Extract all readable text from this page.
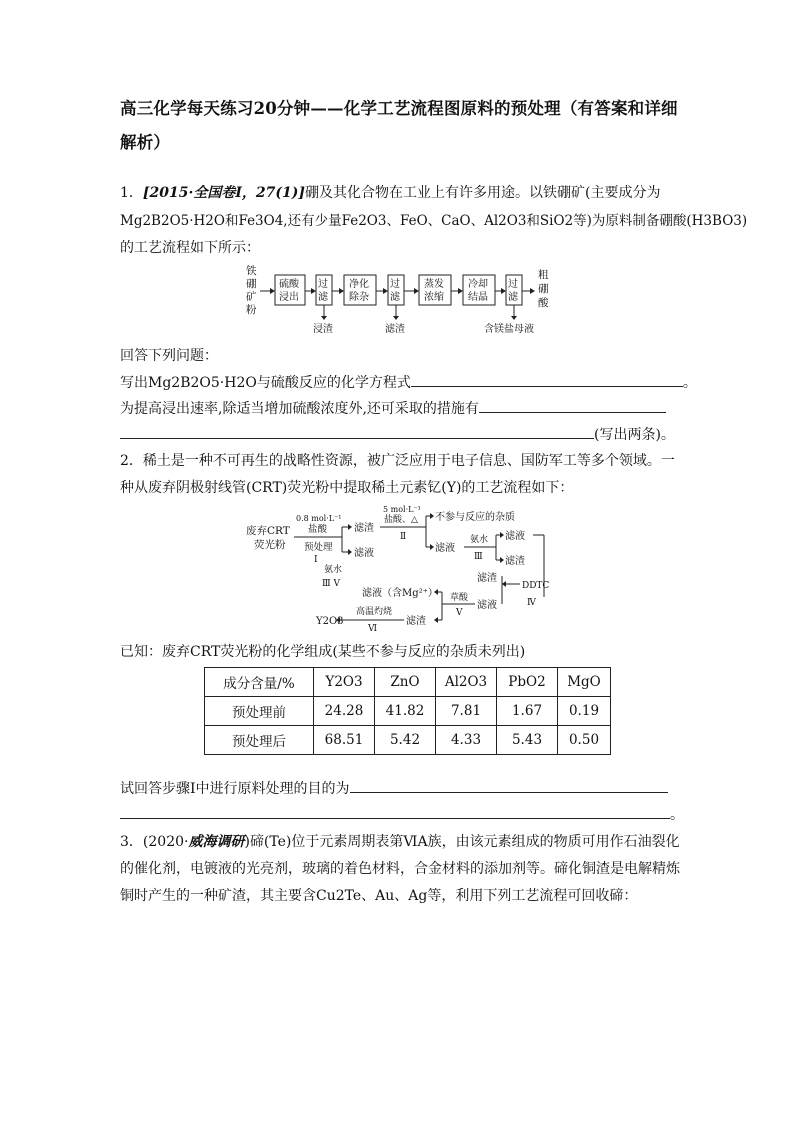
高三化学每天练习20分钟——化学工艺流程图原料的预处理（有答案和详细解析）
1．[2015·全国卷Ⅰ，27(1)]硼及其化合物在工业上有许多用途。以铁硼矿(主要成分为
Mg2B2O5·H2O和Fe3O4,还有少量Fe2O3、FeO、CaO、Al2O3和SiO2等)为原料制备硼酸(H3BO3)
的工艺流程如下所示：
铁
硼
矿
粉
硫酸浸出
过滤
净化除杂
过滤
蒸发浓缩
冷却结晶
过滤
粗
硼
酸
浸渣	滤渣	含镁盐母液
回答下列问题：
写出Mg2B2O5·H2O与硫酸反应的化学方程式	。
为提高浸出速率,除适当增加硫酸浓度外,还可采取的措施有
(写出两条)。
2．稀土是一种不可再生的战略性资源，被广泛应用于电子信息、国防军工等多个领域。一
种从废弃阴极射线管(CRT)荧光粉中提取稀土元素钇(Y)的工艺流程如下：
废弃CRT
荧光粉
0.8 mol·L⁻¹
盐酸
预处理
Ⅰ
滤渣
滤液
5 mol·L⁻¹
盐酸、△
Ⅱ
不参与反应的杂质
滤液
氨水
Ⅲ
滤液
滤渣
DDTC
Ⅳ
滤渣
滤液
草酸
Ⅴ
滤液（含Mg²⁺）
滤渣
高温灼烧
Ⅵ
Y2O3
氨水
Ⅲ Ⅴ
已知：废弃CRT荧光粉的化学组成(某些不参与反应的杂质未列出)
成分含量/%	Y2O3	ZnO	Al2O3	PbO2	MgO
预处理前	24.28	41.82	7.81	1.67	0.19
预处理后	68.51	5.42	4.33	5.43	0.50
试回答步骤Ⅰ中进行原料处理的目的为
。
3．(2020·威海调研)碲(Te)位于元素周期表第ⅥA族，由该元素组成的物质可用作石油裂化
的催化剂，电镀液的光亮剂，玻璃的着色材料，合金材料的添加剂等。碲化铜渣是电解精炼
铜时产生的一种矿渣，其主要含Cu2Te、Au、Ag等，利用下列工艺流程可回收碲：
